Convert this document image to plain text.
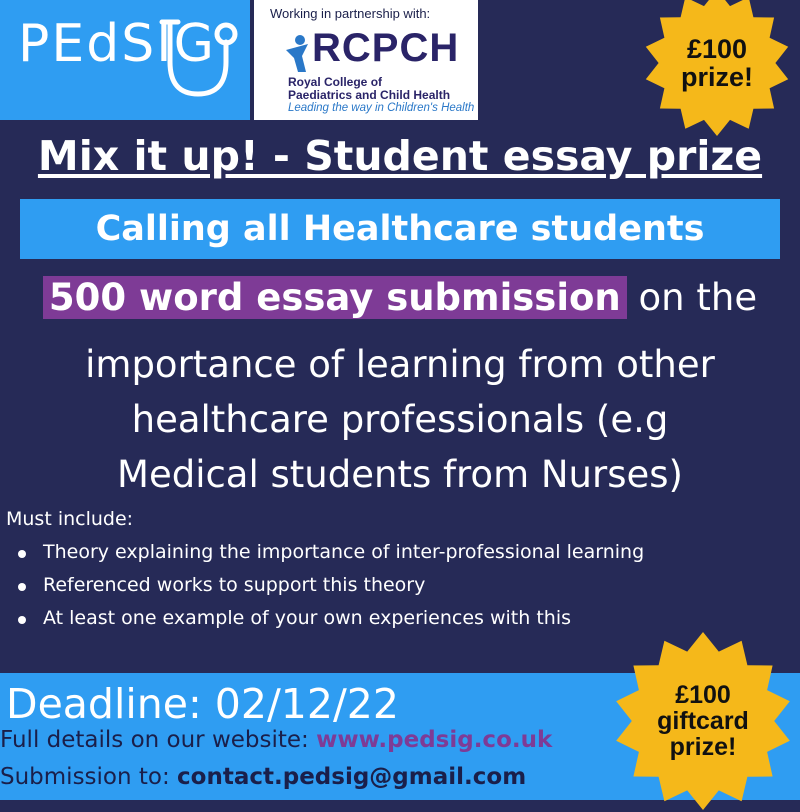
PEdSIG
Working in partnership with:
RCPCH
Royal College of
Paediatrics and Child Health
Leading the way in Children's Health
£100
prize!
Mix it up! - Student essay prize
Calling all Healthcare students
500 word essay submission on the
importance of learning from other
healthcare professionals (e.g
Medical students from Nurses)
Must include:
Theory explaining the importance of inter-professional learning
Referenced works to support this theory
At least one example of your own experiences with this
Deadline: 02/12/22
Full details on our website: www.pedsig.co.uk
Submission to: contact.pedsig@gmail.com
£100
giftcard
prize!
